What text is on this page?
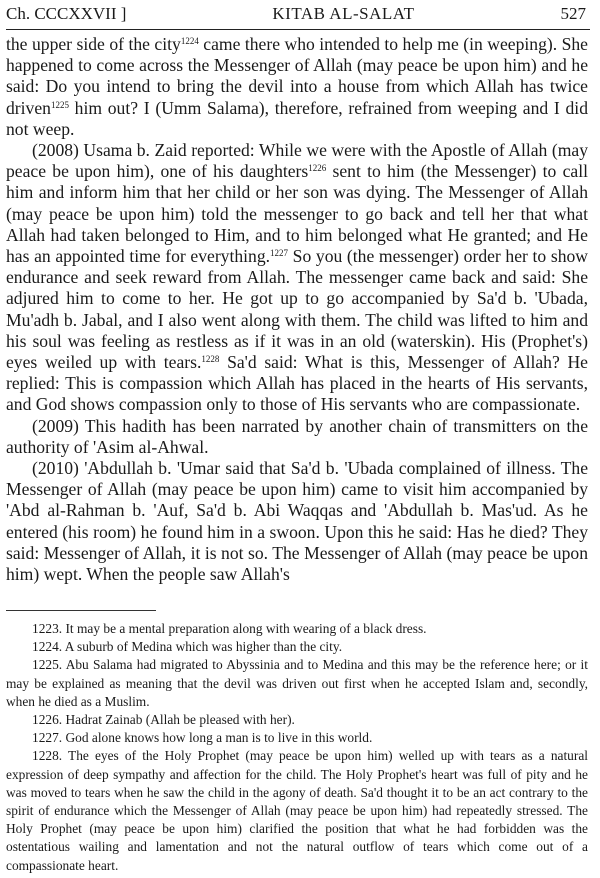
Ch. CCCXXVII ]	KITAB AL-SALAT	527

the upper side of the city$^{1224}$ came there who intended to help me (in weeping). She happened to come across the Messenger of Allah (may peace be upon him) and he said: Do you intend to bring the devil into a house from which Allah has twice driven$^{1225}$ him out? I (Umm Salama), therefore, refrained from weeping and I did not weep.

(2008) Usama b. Zaid reported: While we were with the Apostle of Allah (may peace be upon him), one of his daughters$^{1226}$ sent to him (the Messenger) to call him and inform him that her child or her son was dying. The Messenger of Allah (may peace be upon him) told the messenger to go back and tell her that what Allah had taken belonged to Him, and to him belonged what He granted; and He has an appointed time for everything.$^{1227}$ So you (the messenger) order her to show endurance and seek reward from Allah. The messenger came back and said: She adjured him to come to her. He got up to go accompanied by Sa'd b. 'Ubada, Mu'adh b. Jabal, and I also went along with them. The child was lifted to him and his soul was feeling as restless as if it was in an old (waterskin). His (Prophet's) eyes weiled up with tears.$^{1228}$ Sa'd said: What is this, Messenger of Allah? He replied: This is compassion which Allah has placed in the hearts of His servants, and God shows compassion only to those of His servants who are compassionate.

(2009) This hadith has been narrated by another chain of transmitters on the authority of 'Asim al-Ahwal.

(2010) 'Abdullah b. 'Umar said that Sa'd b. 'Ubada complained of illness. The Messenger of Allah (may peace be upon him) came to visit him accompanied by 'Abd al-Rahman b. 'Auf, Sa'd b. Abi Waqqas and 'Abdullah b. Mas'ud. As he entered (his room) he found him in a swoon. Upon this he said: Has he died? They said: Messenger of Allah, it is not so. The Messenger of Allah (may peace be upon him) wept. When the people saw Allah's

1223. It may be a mental preparation along with wearing of a black dress.

1224. A suburb of Medina which was higher than the city.

1225. Abu Salama had migrated to Abyssinia and to Medina and this may be the reference here; or it may be explained as meaning that the devil was driven out first when he accepted Islam and, secondly, when he died as a Muslim.

1226. Hadrat Zainab (Allah be pleased with her).

1227. God alone knows how long a man is to live in this world.

1228. The eyes of the Holy Prophet (may peace be upon him) welled up with tears as a natural expression of deep sympathy and affection for the child. The Holy Prophet's heart was full of pity and he was moved to tears when he saw the child in the agony of death. Sa'd thought it to be an act contrary to the spirit of endurance which the Messenger of Allah (may peace be upon him) had repeatedly stressed. The Holy Prophet (may peace be upon him) clarified the position that what he had forbidden was the ostentatious wailing and lamentation and not the natural outflow of tears which come out of a compassionate heart.
